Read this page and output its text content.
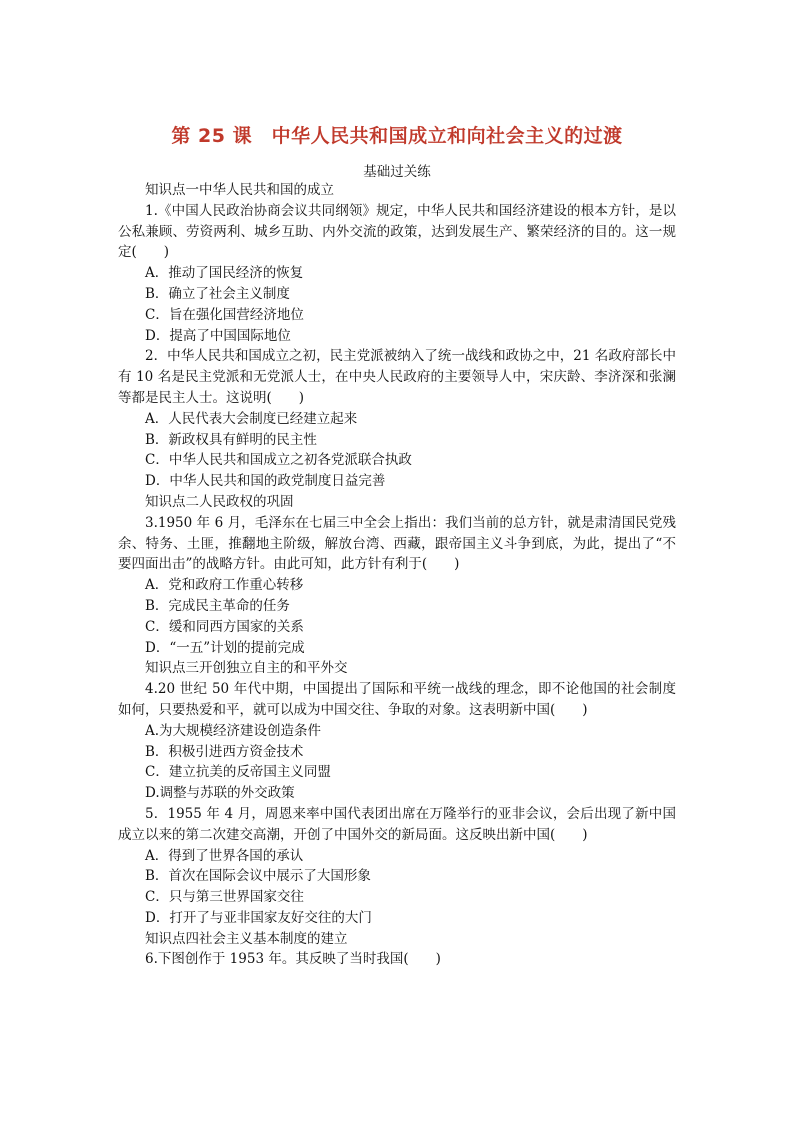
第 25 课　中华人民共和国成立和向社会主义的过渡

基础过关练

知识点一中华人民共和国的成立

1.《中国人民政治协商会议共同纲领》规定，中华人民共和国经济建设的根本方针，是以公私兼顾、劳资两利、城乡互助、内外交流的政策，达到发展生产、繁荣经济的目的。这一规定(　　)

A．推动了国民经济的恢复

B．确立了社会主义制度

C．旨在强化国营经济地位

D．提高了中国国际地位

2．中华人民共和国成立之初，民主党派被纳入了统一战线和政协之中，21 名政府部长中有 10 名是民主党派和无党派人士，在中央人民政府的主要领导人中，宋庆龄、李济深和张澜等都是民主人士。这说明(　　)

A．人民代表大会制度已经建立起来

B．新政权具有鲜明的民主性

C．中华人民共和国成立之初各党派联合执政

D．中华人民共和国的政党制度日益完善

知识点二人民政权的巩固

3.1950 年 6 月，毛泽东在七届三中全会上指出：我们当前的总方针，就是肃清国民党残余、特务、土匪，推翻地主阶级，解放台湾、西藏，跟帝国主义斗争到底，为此，提出了“不要四面出击”的战略方针。由此可知，此方针有利于(　　)

A．党和政府工作重心转移

B．完成民主革命的任务

C．缓和同西方国家的关系

D．“一五”计划的提前完成

知识点三开创独立自主的和平外交

4.20 世纪 50 年代中期，中国提出了国际和平统一战线的理念，即不论他国的社会制度如何，只要热爱和平，就可以成为中国交往、争取的对象。这表明新中国(　　)

A.为大规模经济建设创造条件

B．积极引进西方资金技术

C．建立抗美的反帝国主义同盟

D.调整与苏联的外交政策

5．1955 年 4 月，周恩来率中国代表团出席在万隆举行的亚非会议，会后出现了新中国成立以来的第二次建交高潮，开创了中国外交的新局面。这反映出新中国(　　)

A．得到了世界各国的承认

B．首次在国际会议中展示了大国形象

C．只与第三世界国家交往

D．打开了与亚非国家友好交往的大门

知识点四社会主义基本制度的建立

6.下图创作于 1953 年。其反映了当时我国(　　)
